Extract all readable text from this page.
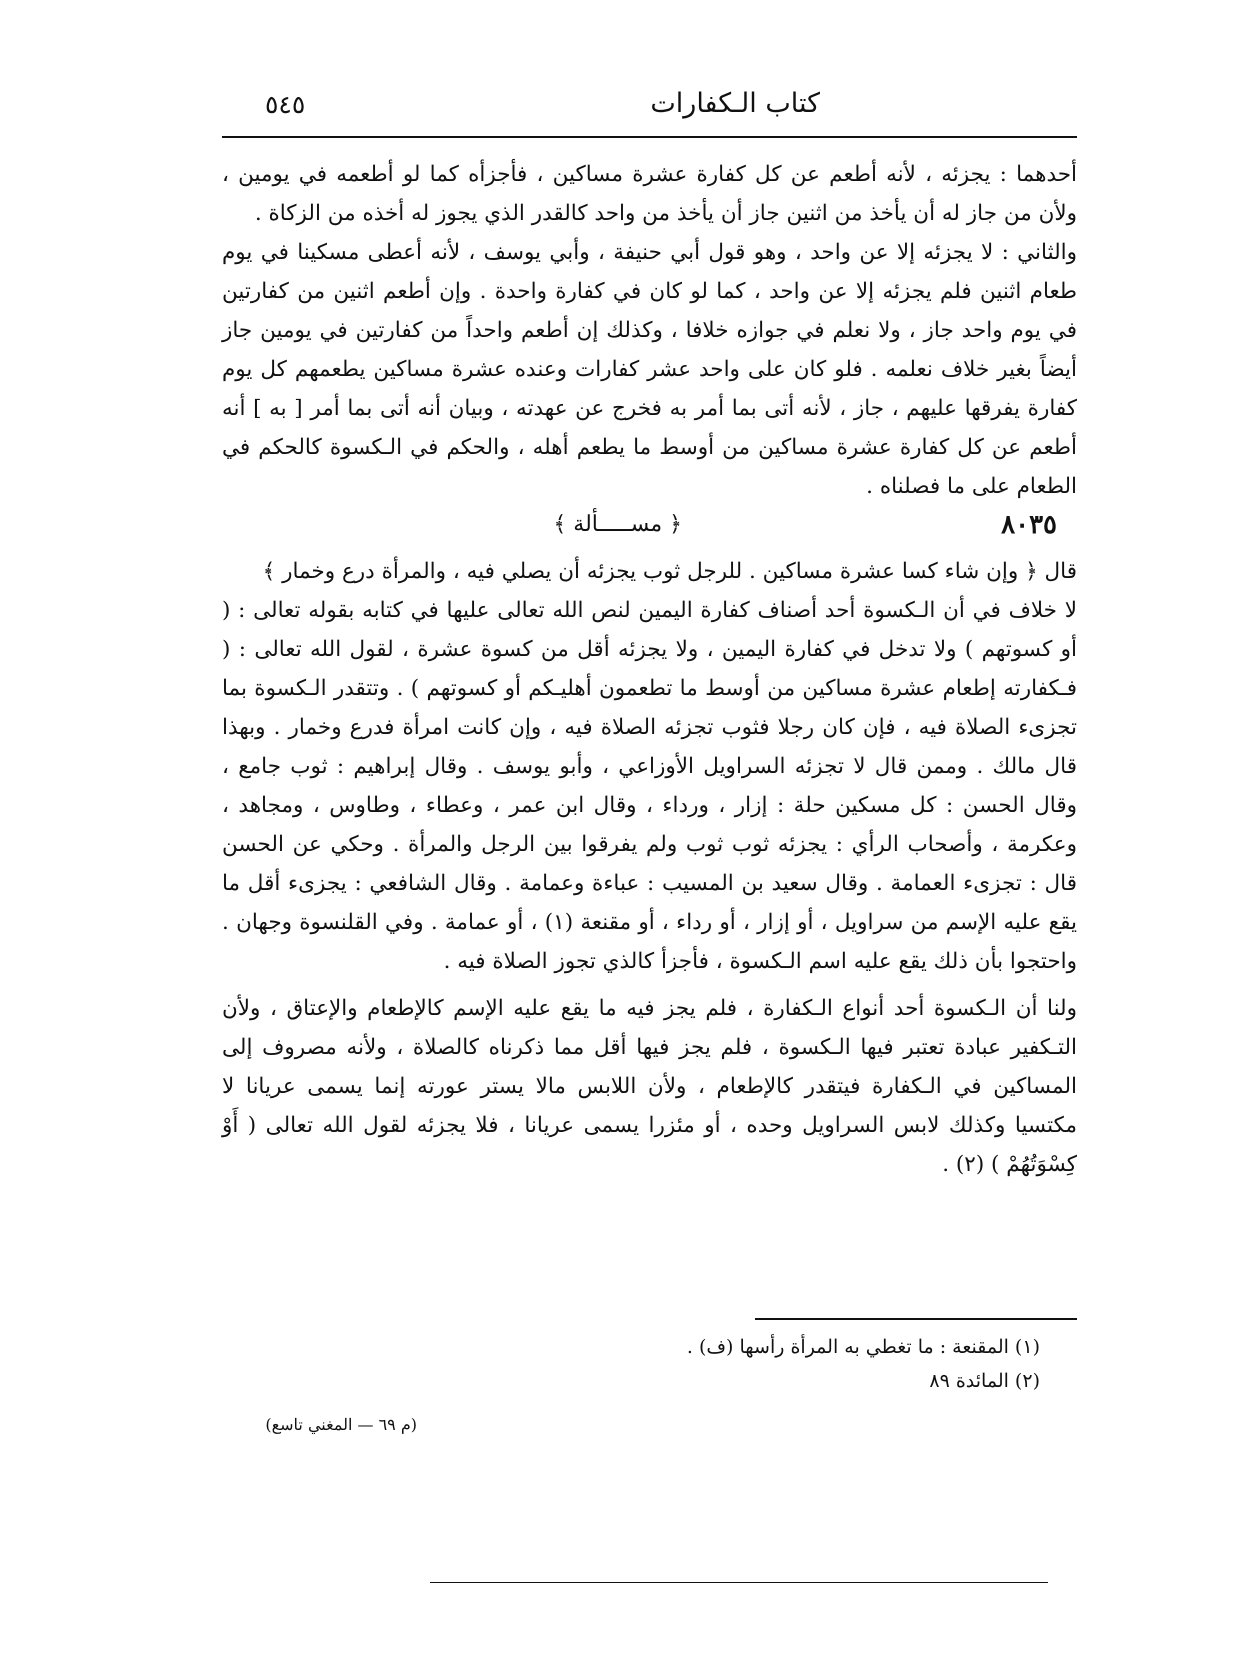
كتاب الـكفارات
٥٤٥

أحدهما : يجزئه ، لأنه أطعم عن كل كفارة عشرة مساكين ، فأجزأه كما لو أطعمه في يومين ، ولأن من جاز له أن يأخذ من اثنين جاز أن يأخذ من واحد كالقدر الذي يجوز له أخذه من الزكاة .

والثاني : لا يجزئه إلا عن واحد ، وهو قول أبي حنيفة ، وأبي يوسف ، لأنه أعطى مسكينا في يوم طعام اثنين فلم يجزئه إلا عن واحد ، كما لو كان في كفارة واحدة . وإن أطعم اثنين من كفارتين في يوم واحد جاز ، ولا نعلم في جوازه خلافا ، وكذلك إن أطعم واحداً من كفارتين في يومين جاز أيضاً بغير خلاف نعلمه . فلو كان على واحد عشر كفارات وعنده عشرة مساكين يطعمهم كل يوم كفارة يفرقها عليهم ، جاز ، لأنه أتى بما أمر به فخرج عن عهدته ، وبيان أنه أتى بما أمر [ به ] أنه أطعم عن كل كفارة عشرة مساكين من أوسط ما يطعم أهله ، والحكم في الـكسوة كالحكم في الطعام على ما فصلناه .

٨٠٣٥
﴿ مســـــألة ﴾

قال ﴿ وإن شاء كسا عشرة مساكين . للرجل ثوب يجزئه أن يصلي فيه ، والمرأة درع وخمار ﴾

لا خلاف في أن الـكسوة أحد أصناف كفارة اليمين لنص الله تعالى عليها في كتابه بقوله تعالى : ( أو كسوتهم ) ولا تدخل في كفارة اليمين ، ولا يجزئه أقل من كسوة عشرة ، لقول الله تعالى : ( فـكفارته إطعام عشرة مساكين من أوسط ما تطعمون أهليـكم أو كسوتهم ) . وتتقدر الـكسوة بما تجزىء الصلاة فيه ، فإن كان رجلا فثوب تجزئه الصلاة فيه ، وإن كانت امرأة فدرع وخمار . وبهذا قال مالك . وممن قال لا تجزئه السراويل الأوزاعي ، وأبو يوسف . وقال إبراهيم : ثوب جامع ، وقال الحسن : كل مسكين حلة : إزار ، ورداء ، وقال ابن عمر ، وعطاء ، وطاوس ، ومجاهد ، وعكرمة ، وأصحاب الرأي : يجزئه ثوب ثوب ولم يفرقوا بين الرجل والمرأة . وحكي عن الحسن قال : تجزىء العمامة . وقال سعيد بن المسيب : عباءة وعمامة . وقال الشافعي : يجزىء أقل ما يقع عليه الإسم من سراويل ، أو إزار ، أو رداء ، أو مقنعة (١) ، أو عمامة . وفي القلنسوة وجهان . واحتجوا بأن ذلك يقع عليه اسم الـكسوة ، فأجزأ كالذي تجوز الصلاة فيه .

ولنا أن الـكسوة أحد أنواع الـكفارة ، فلم يجز فيه ما يقع عليه الإسم كالإطعام والإعتاق ، ولأن التـكفير عبادة تعتبر فيها الـكسوة ، فلم يجز فيها أقل مما ذكرناه كالصلاة ، ولأنه مصروف إلى المساكين في الـكفارة فيتقدر كالإطعام ، ولأن اللابس مالا يستر عورته إنما يسمى عريانا لا مكتسيا وكذلك لابس السراويل وحده ، أو مئزرا يسمى عريانا ، فلا يجزئه لقول الله تعالى ( أَوْ كِسْوَتُهُمْ ) (٢) .

(١) المقنعة : ما تغطي به المرأة رأسها (ف) .

(٢) المائدة ٨٩

(م ٦٩ — المغني تاسع)
